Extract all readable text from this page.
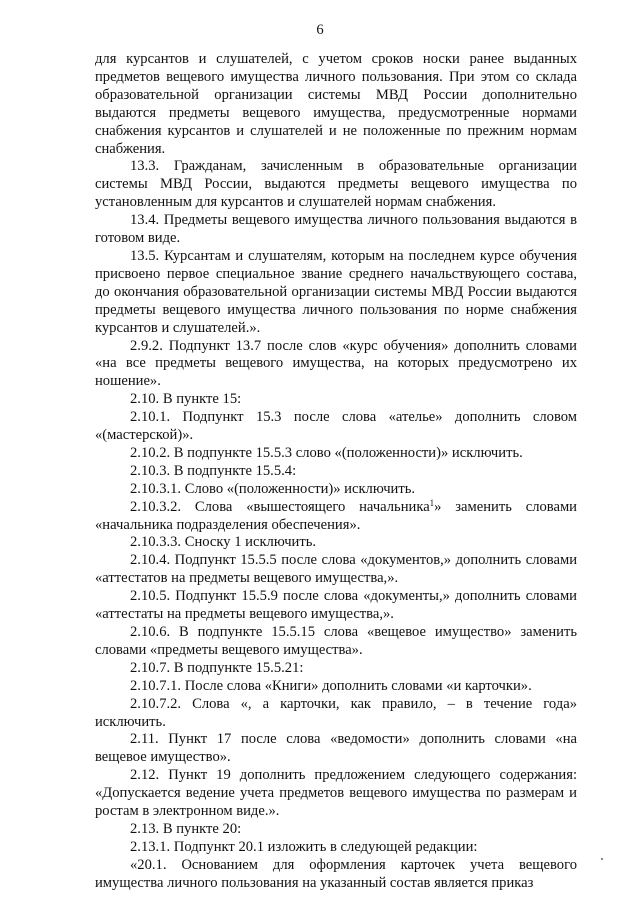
6

для курсантов и слушателей, с учетом сроков носки ранее выданных предметов вещевого имущества личного пользования. При этом со склада образовательной организации системы МВД России дополнительно выдаются предметы вещевого имущества, предусмотренные нормами снабжения курсантов и слушателей и не положенные по прежним нормам снабжения.

13.3. Гражданам, зачисленным в образовательные организации системы МВД России, выдаются предметы вещевого имущества по установленным для курсантов и слушателей нормам снабжения.

13.4. Предметы вещевого имущества личного пользования выдаются в готовом виде.

13.5. Курсантам и слушателям, которым на последнем курсе обучения присвоено первое специальное звание среднего начальствующего состава, до окончания образовательной организации системы МВД России выдаются предметы вещевого имущества личного пользования по норме снабжения курсантов и слушателей.».

2.9.2. Подпункт 13.7 после слов «курс обучения» дополнить словами «на все предметы вещевого имущества, на которых предусмотрено их ношение».

2.10. В пункте 15:

2.10.1. Подпункт 15.3 после слова «ателье» дополнить словом «(мастерской)».

2.10.2. В подпункте 15.5.3 слово «(положенности)» исключить.

2.10.3. В подпункте 15.5.4:

2.10.3.1. Слово «(положенности)» исключить.

2.10.3.2. Слова «вышестоящего начальника$^1$» заменить словами «начальника подразделения обеспечения».

2.10.3.3. Сноску 1 исключить.

2.10.4. Подпункт 15.5.5 после слова «документов,» дополнить словами «аттестатов на предметы вещевого имущества,».

2.10.5. Подпункт 15.5.9 после слова «документы,» дополнить словами «аттестаты на предметы вещевого имущества,».

2.10.6. В подпункте 15.5.15 слова «вещевое имущество» заменить словами «предметы вещевого имущества».

2.10.7. В подпункте 15.5.21:

2.10.7.1. После слова «Книги» дополнить словами «и карточки».

2.10.7.2. Слова «, а карточки, как правило, – в течение года» исключить.

2.11. Пункт 17 после слова «ведомости» дополнить словами «на вещевое имущество».

2.12. Пункт 19 дополнить предложением следующего содержания: «Допускается ведение учета предметов вещевого имущества по размерам и ростам в электронном виде.».

2.13. В пункте 20:

2.13.1. Подпункт 20.1 изложить в следующей редакции:

«20.1. Основанием для оформления карточек учета вещевого имущества личного пользования на указанный состав является приказ
